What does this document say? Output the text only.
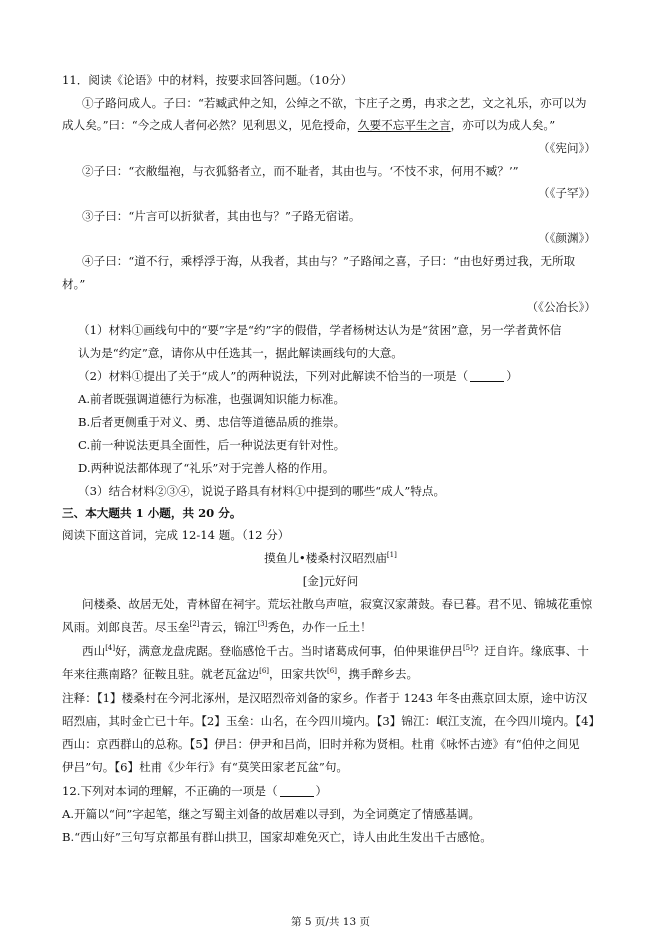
11．阅读《论语》中的材料，按要求回答问题。（10分）
①子路问成人。子曰：“若臧武仲之知，公绰之不欲，卞庄子之勇，冉求之艺，文之礼乐，亦可以为
成人矣。”曰：“今之成人者何必然？见利思义，见危授命，久要不忘平生之言，亦可以为成人矣。”
（《宪问》）
②子曰：“衣敝缊袍，与衣狐貉者立，而不耻者，其由也与。‘不忮不求，何用不臧？’”
（《子罕》）
③子曰：“片言可以折狱者，其由也与？”子路无宿诺。
（《颜渊》）
④子曰：“道不行，乘桴浮于海，从我者，其由与？”子路闻之喜，子曰：“由也好勇过我，无所取
材。”
（《公冶长》）
（1）材料①画线句中的“要”字是“约”字的假借，学者杨树达认为是“贫困”意，另一学者黄怀信
认为是“约定”意，请你从中任选其一，据此解读画线句的大意。
（2）材料①提出了关于“成人”的两种说法，下列对此解读不恰当的一项是（	）
A.前者既强调道德行为标准，也强调知识能力标准。
B.后者更侧重于对义、勇、忠信等道德品质的推崇。
C.前一种说法更具全面性，后一种说法更有针对性。
D.两种说法都体现了“礼乐”对于完善人格的作用。
（3）结合材料②③④，说说子路具有材料①中提到的哪些“成人”特点。
三、本大题共 1 小题，共 20 分。
阅读下面这首词，完成 12-14 题。（12 分）
摸鱼儿•楼桑村汉昭烈庙[1]
[金]元好问
问楼桑、故居无处，青林留在祠宇。荒坛社散乌声喧，寂寞汉家萧鼓。春已暮。君不见、锦城花重惊
风雨。刘郎良苦。尽玉垒[2]青云，锦江[3]秀色，办作一丘土！
西山[4]好，满意龙盘虎踞。登临感怆千古。当时诸葛成何事，伯仲果谁伊吕[5]？迂自许。缘底事、十
年来往燕南路？征鞍且驻。就老瓦盆边[6]，田家共饮[6]，携手醉乡去。
注释：【1】楼桑村在今河北涿州，是汉昭烈帝刘备的家乡。作者于 1243 年冬由燕京回太原，途中访汉
昭烈庙，其时金亡已十年。【2】玉垒：山名，在今四川境内。【3】锦江：岷江支流，在今四川境内。【4】
西山：京西群山的总称。【5】伊吕：伊尹和吕尚，旧时并称为贤相。杜甫《咏怀古迹》有“伯仲之间见
伊吕”句。【6】杜甫《少年行》有“莫笑田家老瓦盆”句。
12.下列对本词的理解，不正确的一项是（	）
A.开篇以“问”字起笔，继之写蜀主刘备的故居难以寻到，为全词奠定了情感基调。
B.“西山好”三句写京都虽有群山拱卫，国家却难免灭亡，诗人由此生发出千古感怆。
第 5 页/共 13 页
